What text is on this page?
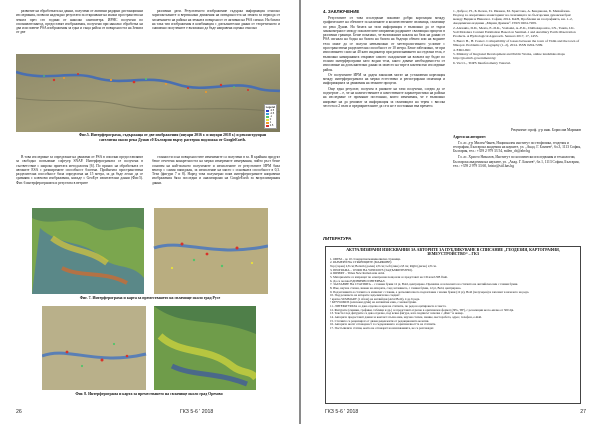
развитие на обработката на данни, получени от активни радарни дистанционни изследвания, позволи надеждно резултати за открояване на малки пространства на земята през сто години от няколко сантиметра. ИРНС получени по опознавателнятод, предоставят изображения, получени при няколко обработка на два или повече PSA изображения за една и съща район от повърхността на Земята от две

различни дати. Резултатното изображение съдържа информация относно хоризонталните и вертикални движения на повърхността на земята за периода от заснемането на района на земната повърхност от активни на PSA сигнал. На базата на така тип изображения в комбинация с допълнителни данни от теоретичното и снимачно получените е възможно да бъде направена оценка относно

Legend
-3.5
-2.5
-1
0
1
2.5
Фиг.5. Интерферограма, съдържаща от две изображения (януари 2016 г. и януари 2018 г.) и реконструиран сателитна около река Дунав с0 България върху растерна подложка от GoogleEarth.

В това изследване за определяне на движени от PSA в оползни предоставляват за свободно попълване софтуер SNAP. Интерферограмата се получена в съответствие с широко приетата методология [6]. По принос на обработката от автоките ESA с разширените способност блогена. Пройнента пространствена разделителна способност била определена на 15 метра, за да бъде лесно да се сравнява с ключови изображения, някъде с GeoEye изпитателни данни (Фиг.5). Фиг. 6 интерферограмата и резултата в ветрите

станности и на повърхностите изменените са получени в за. В крайния продукт беше отчетена конкретността на мерки измерените измервания, чийто ръст беше основен на най-полкото получените и изчислените от резултатите ИРМ бяха вектор с самия папиджан, за изчисление на място с основната способност в 0,3. Тези (фигури 7 и 8). Наред това полумерно появ интерферограмите направени изображения бяха последни и анализирани на GoogleEarth за визуализирания данни.

Фиг. 7. Интерферограма и карта за преместването на свлачище около град Русе
Фиг. 8. Интерферограма и карта за преместването на свлачище около град Орехово
26	ГКЗ 5-6 ' 2018
4. ЗАКЛЮЧЕНИЕ

Резултатите от това изследване показват добри корелация между графическите на обектите за наличните и количествените свлачища, свлачище по река Дунав. На базата на тази информация е възможно да се търси закономерност между показателите изправени радарните свлачищна процеси в различни граници. Беше показано, че възможният наклон на база на данни от PSA сигнала на бодка на базата на базата на бъдещи обекти или на водните тела може да се получи невъзможно от метеорологичното условие с пространствена разделителна способност от 10 метра. Беше забелязано, че при използването само на 40 като индикатор при разпознаването на отделни тела, е възможно намиранията откриват самото съждонение на влачата ще бъдат по голямо интерферограми като водни тела, както даваме необходимостта от използване на допълнителни данни за заместо на тире в контекстно изследване район.

От получените ИРМ за даден законлив могат на установени корелация между интерферограмата на мерки естествено и регистрирани свлачища и информацията за движения на земните процеси.

Още една резултат, получен в рамките на тази получени, следва да се подчертае – е, че на количествените и качествените характеристики на района на изследване се промянят постоянно, които изменения, че е възможно направят на да решават за информация за свлачищата на терен с висока честота и 2 пъти и предварителните да се и не е постоянни във времето.

ЛИТЕРАТУРА
1. Доброс, Н., Б. Белов, Гл. Иванов, М. Христова, А. Бенданова, Б. Михайлова. Подход за оперативно мониторинг на свлачищата по българския дунавски бряг между Видин и Никопол. София, 2014. БАН, Проблеми на географията, кн. 1–2, Академично издание „Марин Дринов“. ISSN 0204-7209.
2. Alexakis, D.D., Mesta, E.-D.K., Vozisaki, A.-E.K., Dalliokapoulos, I.N., Tsanis, I.K. Soil Moisture Content Estimation Based on Sentinel-1 and Auxiliary Earth Observation Products. A Hydrological Approach. Sensors 2017, 17, 1455.
3. Berov B., H. Ivanov. Collapsibility of losses between the town of Vidin and the town of Nikopol. Problems of Geography (1–2), 2014. ISSN 0204-7209.
4. EDO-JRC
5. Ministry of Regional Development and Public Works, online landslides maps http://gis.mrrb.government.bg/
6. Veci L., TOPS Interferometry Tutorial.
Рецензент: проф. д-р инж. Борислав Маринов
Адреси на авторите:

Гл. ас. д-р Милен Чанев, Национален институт по геофизика, геодезия и география, Българска академия на науките, ул. „Акад. Г. Бончев“, бл.3, 1113 София, България, тел.: +359 2 979 33 54, milen_ch@abv.bg

Гл. ас. Христо Николов, Институт по космически изследвания и технологии, Българска академия на науките, ул. „Акад. Г. Бончев“, бл.1, 1113 София, България, тел.: +359 2 979 33 60, hristo@stil.bas.bg

АКТУАЛИЗИРАНИ ИЗИСКВАНИЯ ЗА АВТОРИТЕ ЗА ПУБЛИКУВАНЕ В СПИСАНИЕ „ГЕОДЕЗИЯ, КАРТОГРАФИЯ, ЗЕМЕУСТРОЙСТВО“ – ГКЗ

1. ОБЕМ – до 10 стандартни машинописни страници.

2. РАЗМЕРИ НА СТРАНИЦИТЕ (МАРЖОВЕ):

Top (горен) 2,8 см; Bottom (долен) 2,8 см; Left (ляво) 2,8 см; Right (дясно) 2,8 см.

3. ПРОГРАМА – WORD НА WINDOWS (ЗАДЪЛЖИТЕЛНО).

4. ШРИФТ – Times New Roman или Arial.

5. Материалите се изпращат по електронна поща или се представят на CD или USB flash.

6. Да се ползва ЕДИНИЧНО ИНТЕРВАЛ.

7. ЗАГЛАВИЕ НА СТАТИЯТА – с главни букви 12 pt, Bold, центрирано. Премахва се началната на статията на английски език с главни букви.

8. Име, научна степен, звание на авторите, след заглавието, с главни букви, 12 pt, Bold, центрирано.

9. Подзаглавията в статията се изписват с главни, а допълнителното подзаглавие с малки букви (12 pt), Bold (получерен) и започват в началото на реда.

10. Под резюмето на авторите задължително следват:

• кратко SUMMARY (1 абзац) на английски (Arial Bold), 4 до 6 реда.

• KEYWORDS (ключови думи) на английски език, с малки букви.

11. ЛИТЕРАТУРАТА се дава отделно в края на статията, по реда на цитирането в текста.

12. Фигурите (снимки, графики, таблици и др.) се представят отделно в оригинален формат (JPG, TIF), с резолюция не по-малко от 300 dpi.

13. Текстът под фигурите се дава отделно, под всяка фигура, като подписът започва с „Фиг.“ и номер.

14. Авторите предоставят данни за контакт: пълно име, научна степен, звание, месторабота, адрес, телефон, e-mail.

15. Статиите се рецензират от двама рецензенти от редакционната колегия.

16. Авторите носят отговорност за съдържанието и оригиналността на статиите.

17. Постъпилите статии, които не отговарят на изискванията, не се разглеждат.

ГКЗ 5-6 ' 2018	27
